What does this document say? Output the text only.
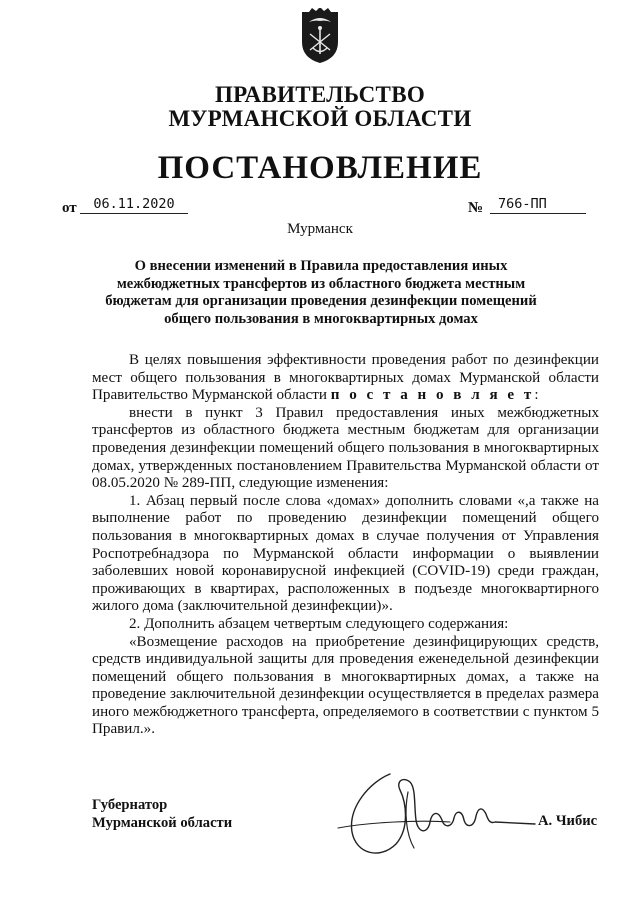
ПРАВИТЕЛЬСТВО
МУРМАНСКОЙ ОБЛАСТИ
ПОСТАНОВЛЕНИЕ
от	06.11.2020	№	766-ПП
Мурманск
О внесении изменений в Правила предоставления иных межбюджетных трансфертов из областного бюджета местным бюджетам для организации проведения дезинфекции помещений общего пользования в многоквартирных домах

В целях повышения эффективности проведения работ по дезинфекции мест общего пользования в многоквартирных домах Мурманской области Правительство Мурманской области п о с т а н о в л я е т:

внести в пункт 3 Правил предоставления иных межбюджетных трансфертов из областного бюджета местным бюджетам для организации проведения дезинфекции помещений общего пользования в многоквартирных домах, утвержденных постановлением Правительства Мурманской области от 08.05.2020 № 289-ПП, следующие изменения:

1. Абзац первый после слова «домах» дополнить словами «,а также на выполнение работ по проведению дезинфекции помещений общего пользования в многоквартирных домах в случае получения от Управления Роспотребнадзора по Мурманской области информации о выявлении заболевших новой коронавирусной инфекцией (COVID-19) среди граждан, проживающих в квартирах, расположенных в подъезде многоквартирного жилого дома (заключительной дезинфекции)».

2. Дополнить абзацем четвертым следующего содержания:

«Возмещение расходов на приобретение дезинфицирующих средств, средств индивидуальной защиты для проведения еженедельной дезинфекции помещений общего пользования в многоквартирных домах, а также на проведение заключительной дезинфекции осуществляется в пределах размера иного межбюджетного трансферта, определяемого в соответствии с пунктом 5 Правил.».

Губернатор
Мурманской области	А. Чибис
